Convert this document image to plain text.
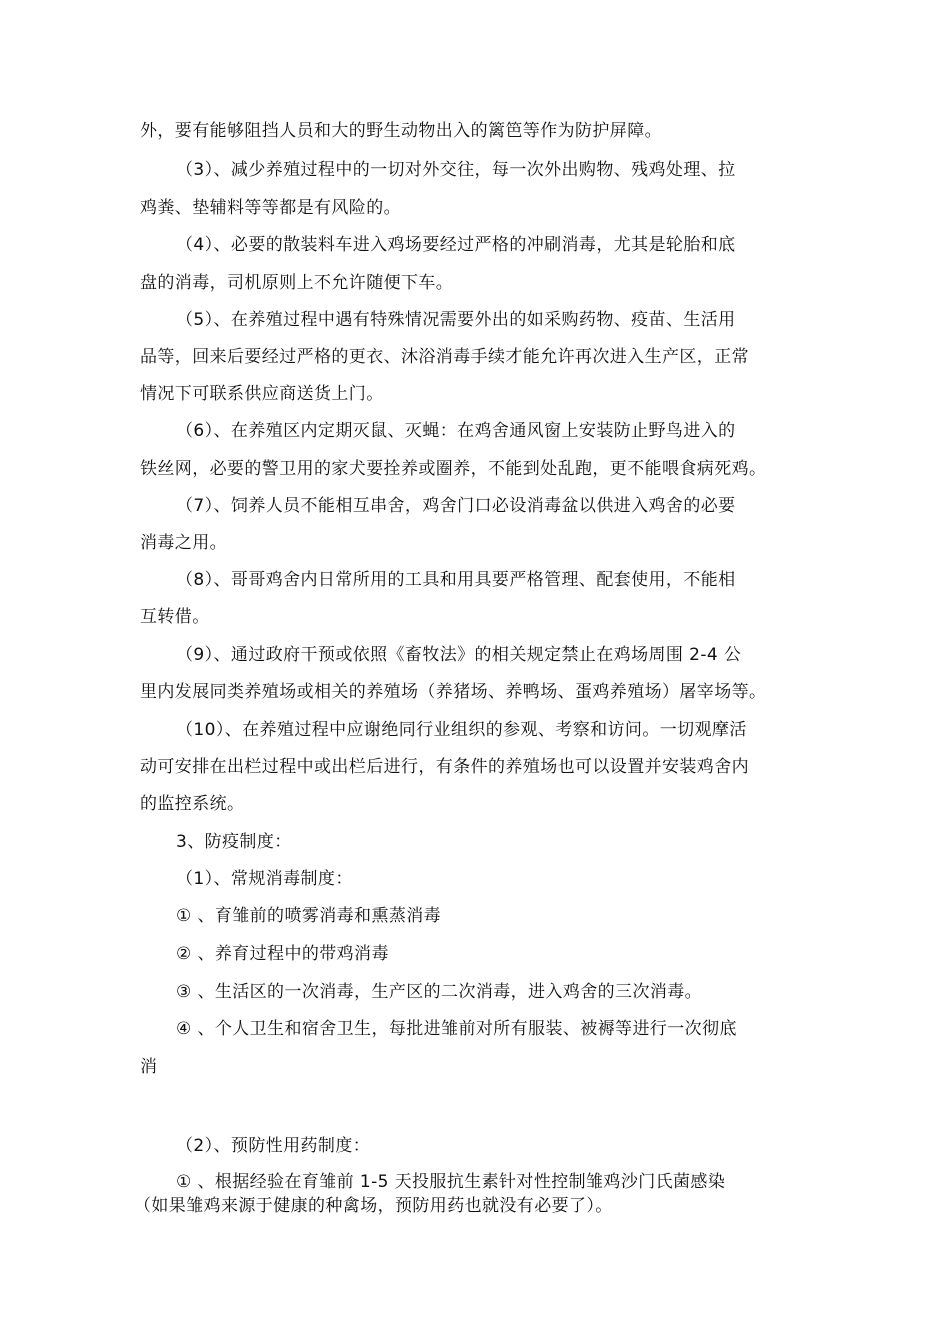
外，要有能够阻挡人员和大的野生动物出入的篱笆等作为防护屏障。
（3）、减少养殖过程中的一切对外交往，每一次外出购物、残鸡处理、拉
鸡粪、垫辅料等等都是有风险的。
（4）、必要的散装料车进入鸡场要经过严格的冲刷消毒，尤其是轮胎和底
盘的消毒，司机原则上不允许随便下车。
（5）、在养殖过程中遇有特殊情况需要外出的如采购药物、疫苗、生活用
品等，回来后要经过严格的更衣、沐浴消毒手续才能允许再次进入生产区，正常
情况下可联系供应商送货上门。
（6）、在养殖区内定期灭鼠、灭蝇：在鸡舍通风窗上安装防止野鸟进入的
铁丝网，必要的警卫用的家犬要拴养或圈养，不能到处乱跑，更不能喂食病死鸡。
（7）、饲养人员不能相互串舍，鸡舍门口必设消毒盆以供进入鸡舍的必要
消毒之用。
（8）、哥哥鸡舍内日常所用的工具和用具要严格管理、配套使用，不能相
互转借。
（9）、通过政府干预或依照《畜牧法》的相关规定禁止在鸡场周围 2-4 公
里内发展同类养殖场或相关的养殖场（养猪场、养鸭场、蛋鸡养殖场）屠宰场等。
（10）、在养殖过程中应谢绝同行业组织的参观、考察和访问。一切观摩活
动可安排在出栏过程中或出栏后进行，有条件的养殖场也可以设置并安装鸡舍内
的监控系统。
3、防疫制度：
（1）、常规消毒制度：
① 、育雏前的喷雾消毒和熏蒸消毒
② 、养育过程中的带鸡消毒
③ 、生活区的一次消毒，生产区的二次消毒，进入鸡舍的三次消毒。
④ 、个人卫生和宿舍卫生，每批进雏前对所有服装、被褥等进行一次彻底
消
（2）、预防性用药制度：
① 、根据经验在育雏前 1-5 天投服抗生素针对性控制雏鸡沙门氏菌感染
（如果雏鸡来源于健康的种禽场，预防用药也就没有必要了）。
